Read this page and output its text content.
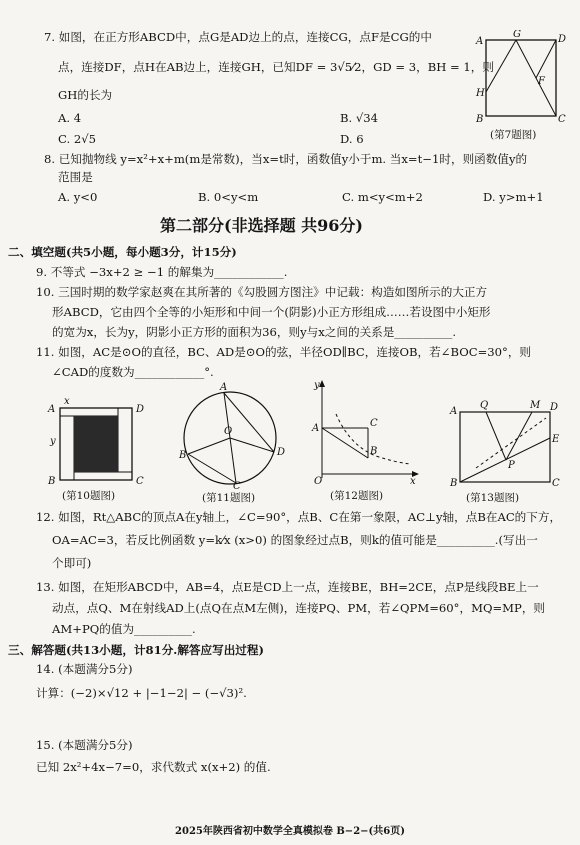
7. 如图，在正方形ABCD中，点G是AD边上的点，连接CG，点F是CG的中
点，连接DF，点H在AB边上，连接GH，已知DF = 3√5⁄2，GD = 3，BH = 1，则
GH的长为
A. 4	B. √34
C. 2√5	D. 6
8. 已知抛物线 y=x²+x+m(m是常数)，当x=t时，函数值y小于m. 当x=t−1时，则函数值y的
范围是
A. y<0	B. 0<y<m	C. m<y<m+2	D. y>m+1
第二部分(非选择题 共96分)
二、填空题(共5小题，每小题3分，计15分)
9. 不等式 −3x+2 ≥ −1 的解集为____________.
10. 三国时期的数学家赵爽在其所著的《勾股圆方图注》中记载：构造如图所示的大正方
形ABCD，它由四个全等的小矩形和中间一个(阴影)小正方形组成……若设图中小矩形
的宽为x，长为y，阴影小正方形的面积为36，则y与x之间的关系是__________.
11. 如图，AC是⊙O的直径，BC、AD是⊙O的弦，半径OD∥BC，连接OB，若∠BOC=30°，则
∠CAD的度数为____________°.
A
G	D
H
F
B	C
(第7题图)
A
x
D
y
B	C
(第10题图)
A
O
D
B
C
(第11题图)
y
A	C
B
O	x
(第12题图)
Q	M D
A
E
P
B	C
(第13题图)
12. 如图，Rt△ABC的顶点A在y轴上，∠C=90°，点B、C在第一象限，AC⊥y轴，点B在AC的下方，
OA=AC=3，若反比例函数 y=k⁄x (x>0) 的图象经过点B，则k的值可能是__________.(写出一
个即可)
13. 如图，在矩形ABCD中，AB=4，点E是CD上一点，连接BE，BH=2CE，点P是线段BE上一
动点，点Q、M在射线AD上(点Q在点M左侧)，连接PQ、PM，若∠QPM=60°，MQ=MP，则
AM+PQ的值为__________.
三、解答题(共13小题，计81分.解答应写出过程)
14. (本题满分5分)
计算：(−2)×√12 + |−1−2| − (−√3)².
15. (本题满分5分)
已知 2x²+4x−7=0，求代数式 x(x+2) 的值.
2025年陕西省初中数学全真模拟卷 B−2−(共6页)
